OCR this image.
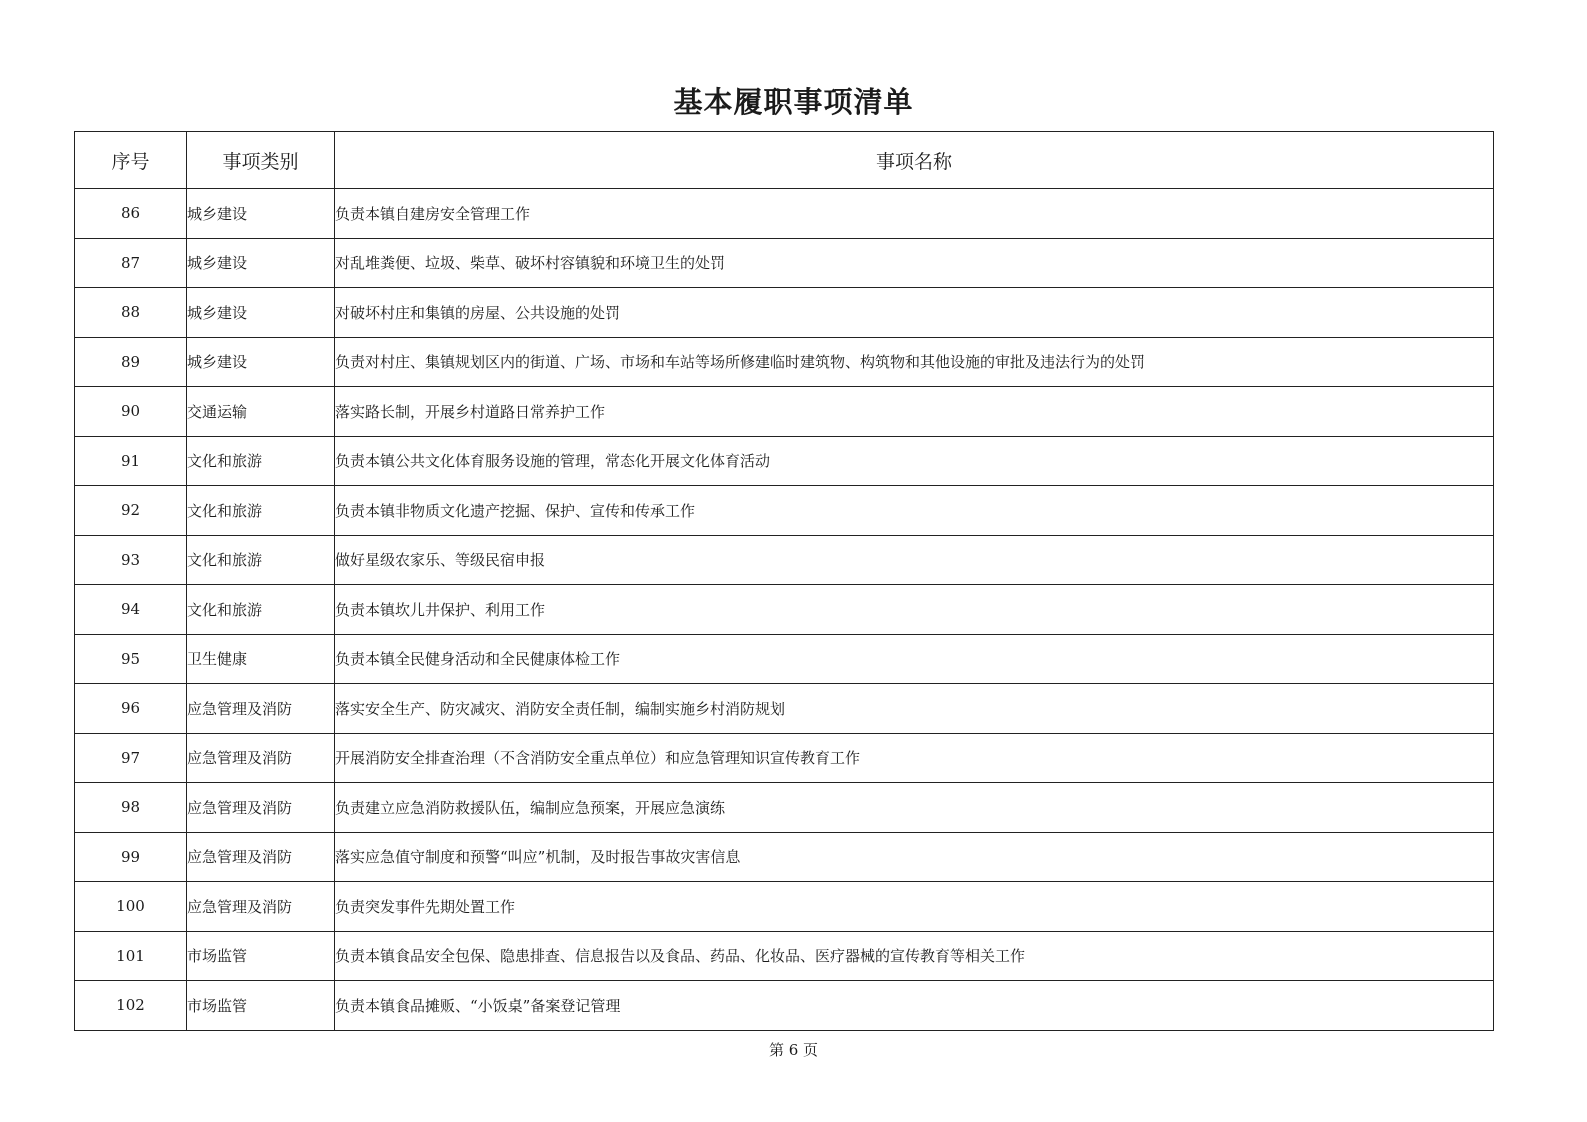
基本履职事项清单
序号	事项类别	事项名称
86	城乡建设	负责本镇自建房安全管理工作
87	城乡建设	对乱堆粪便、垃圾、柴草、破坏村容镇貌和环境卫生的处罚
88	城乡建设	对破坏村庄和集镇的房屋、公共设施的处罚
89	城乡建设	负责对村庄、集镇规划区内的街道、广场、市场和车站等场所修建临时建筑物、构筑物和其他设施的审批及违法行为的处罚
90	交通运输	落实路长制，开展乡村道路日常养护工作
91	文化和旅游	负责本镇公共文化体育服务设施的管理，常态化开展文化体育活动
92	文化和旅游	负责本镇非物质文化遗产挖掘、保护、宣传和传承工作
93	文化和旅游	做好星级农家乐、等级民宿申报
94	文化和旅游	负责本镇坎儿井保护、利用工作
95	卫生健康	负责本镇全民健身活动和全民健康体检工作
96	应急管理及消防	落实安全生产、防灾减灾、消防安全责任制，编制实施乡村消防规划
97	应急管理及消防	开展消防安全排查治理（不含消防安全重点单位）和应急管理知识宣传教育工作
98	应急管理及消防	负责建立应急消防救援队伍，编制应急预案，开展应急演练
99	应急管理及消防	落实应急值守制度和预警“叫应”机制，及时报告事故灾害信息
100	应急管理及消防	负责突发事件先期处置工作
101	市场监管	负责本镇食品安全包保、隐患排查、信息报告以及食品、药品、化妆品、医疗器械的宣传教育等相关工作
102	市场监管	负责本镇食品摊贩、“小饭桌”备案登记管理
第 6 页
